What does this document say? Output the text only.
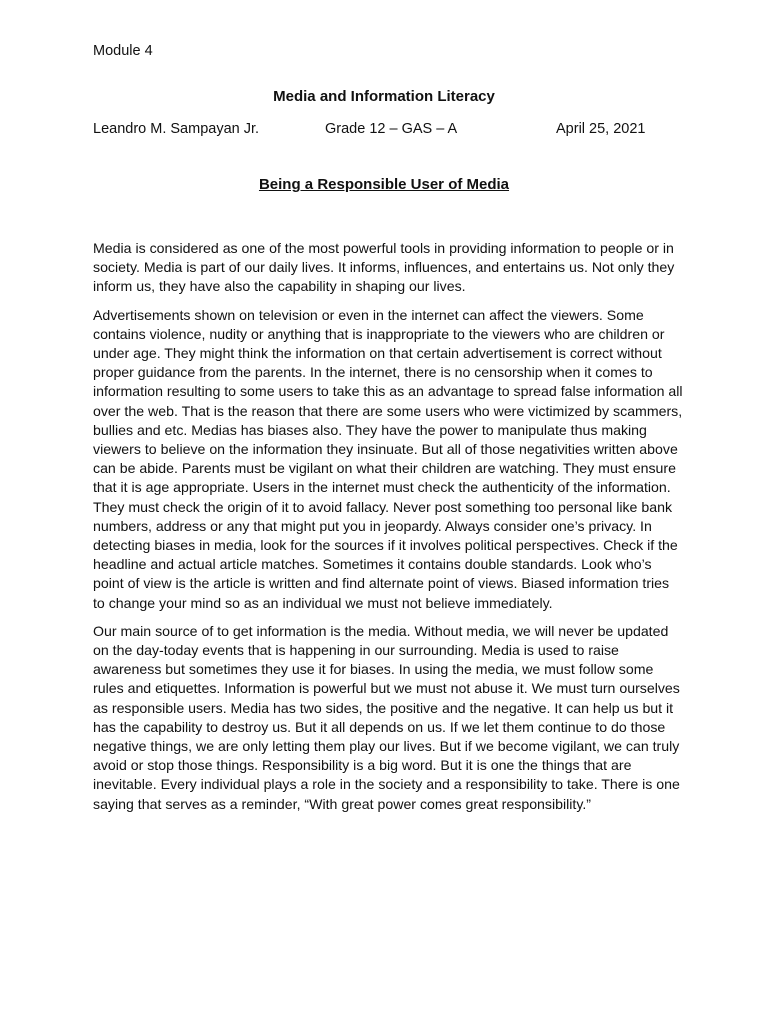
Module 4
Media and Information Literacy
Leandro M. Sampayan Jr.	Grade 12 – GAS – A	April 25, 2021
Being a Responsible User of Media

Media is considered as one of the most powerful tools in providing information to people or in society. Media is part of our daily lives. It informs, influences, and entertains us. Not only they inform us, they have also the capability in shaping our lives.

Advertisements shown on television or even in the internet can affect the viewers. Some contains violence, nudity or anything that is inappropriate to the viewers who are children or under age. They might think the information on that certain advertisement is correct without proper guidance from the parents. In the internet, there is no censorship when it comes to information resulting to some users to take this as an advantage to spread false information all over the web. That is the reason that there are some users who were victimized by scammers, bullies and etc. Medias has biases also. They have the power to manipulate thus making viewers to believe on the information they insinuate. But all of those negativities written above can be abide. Parents must be vigilant on what their children are watching. They must ensure that it is age appropriate. Users in the internet must check the authenticity of the information. They must check the origin of it to avoid fallacy. Never post something too personal like bank numbers, address or any that might put you in jeopardy. Always consider one’s privacy. In detecting biases in media, look for the sources if it involves political perspectives. Check if the headline and actual article matches. Sometimes it contains double standards. Look who’s point of view is the article is written and find alternate point of views. Biased information tries to change your mind so as an individual we must not believe immediately.

Our main source of to get information is the media. Without media, we will never be updated on the day-today events that is happening in our surrounding. Media is used to raise awareness but sometimes they use it for biases. In using the media, we must follow some rules and etiquettes. Information is powerful but we must not abuse it. We must turn ourselves as responsible users. Media has two sides, the positive and the negative. It can help us but it has the capability to destroy us. But it all depends on us. If we let them continue to do those negative things, we are only letting them play our lives. But if we become vigilant, we can truly avoid or stop those things. Responsibility is a big word. But it is one the things that are inevitable. Every individual plays a role in the society and a responsibility to take. There is one saying that serves as a reminder, “With great power comes great responsibility.”
